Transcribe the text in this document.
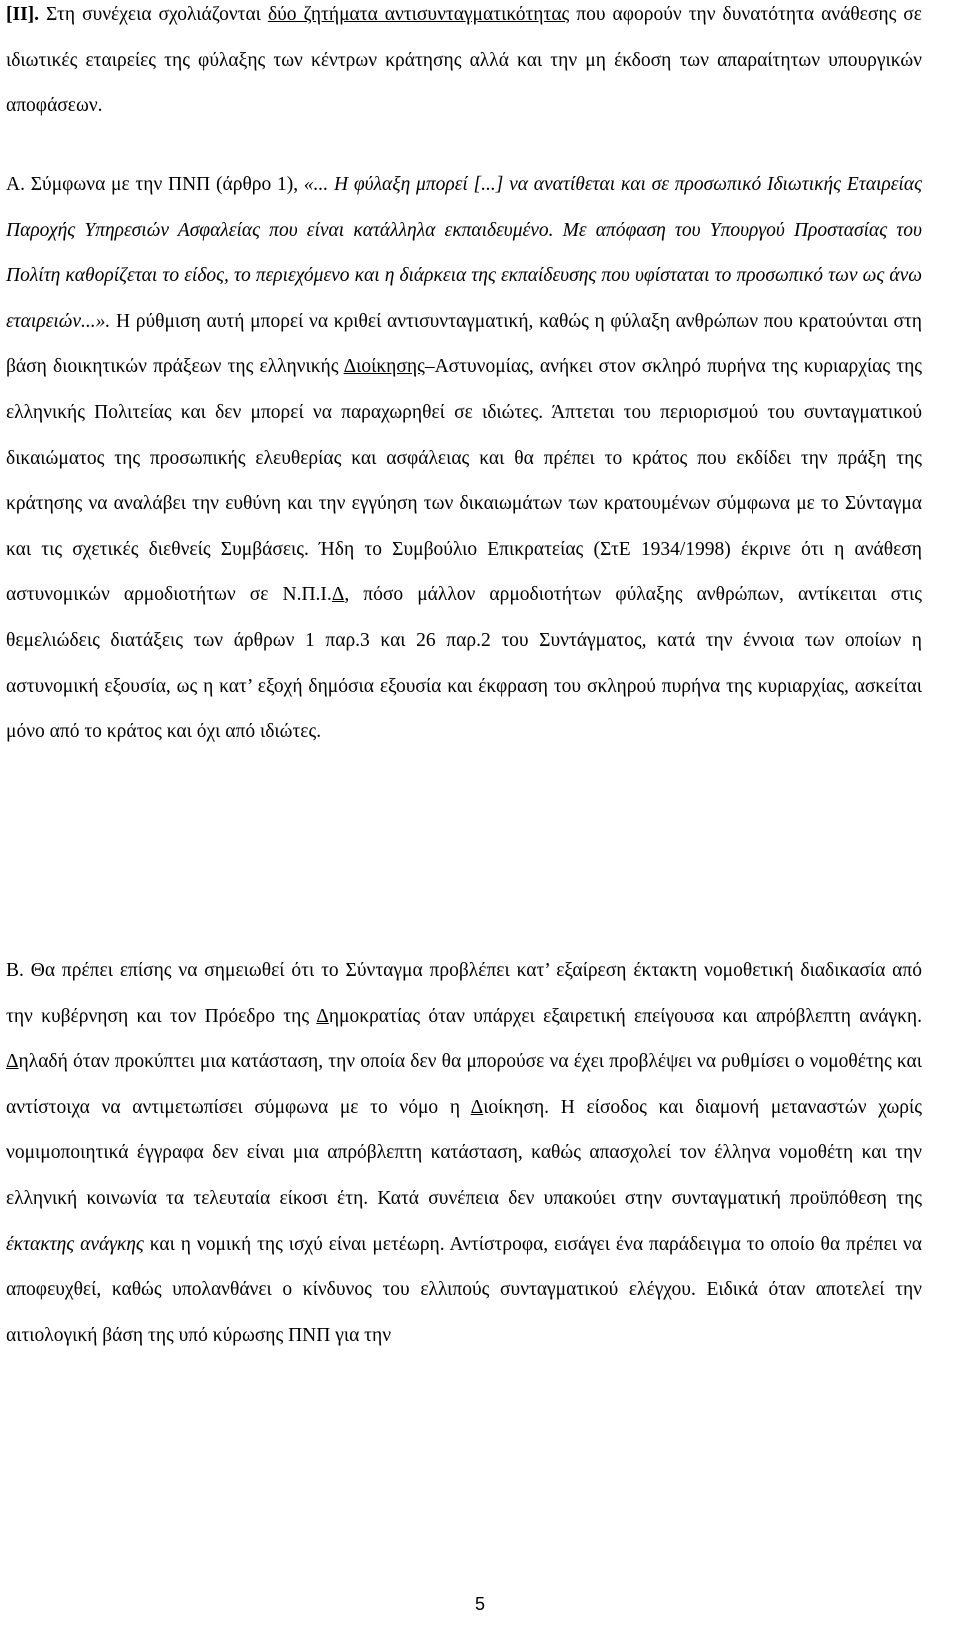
[ΙΙ]. Στη συνέχεια σχολιάζονται δύο ζητήματα αντισυνταγματικότητας που αφορούν την δυνατότητα ανάθεσης σε ιδιωτικές εταιρείες της φύλαξης των κέντρων κράτησης αλλά και την μη έκδοση των απαραίτητων υπουργικών αποφάσεων.

Α. Σύμφωνα με την ΠΝΠ (άρθρο 1), «... Η φύλαξη μπορεί [...] να ανατίθεται και σε προσωπικό Ιδιωτικής Εταιρείας Παροχής Υπηρεσιών Ασφαλείας που είναι κατάλληλα εκπαιδευμένο. Με απόφαση του Υπουργού Προστασίας του Πολίτη καθορίζεται το είδος, το περιεχόμενο και η διάρκεια της εκπαίδευσης που υφίσταται το προσωπικό των ως άνω εταιρειών...». Η ρύθμιση αυτή μπορεί να κριθεί αντισυνταγματική, καθώς η φύλαξη ανθρώπων που κρατούνται στη βάση διοικητικών πράξεων της ελληνικής Διοίκησης–Αστυνομίας, ανήκει στον σκληρό πυρήνα της κυριαρχίας της ελληνικής Πολιτείας και δεν μπορεί να παραχωρηθεί σε ιδιώτες. Άπτεται του περιορισμού του συνταγματικού δικαιώματος της προσωπικής ελευθερίας και ασφάλειας και θα πρέπει το κράτος που εκδίδει την πράξη της κράτησης να αναλάβει την ευθύνη και την εγγύηση των δικαιωμάτων των κρατουμένων σύμφωνα με το Σύνταγμα και τις σχετικές διεθνείς Συμβάσεις. Ήδη το Συμβούλιο Επικρατείας (ΣτΕ 1934/1998) έκρινε ότι η ανάθεση αστυνομικών αρμοδιοτήτων σε Ν.Π.Ι.Δ, πόσο μάλλον αρμοδιοτήτων φύλαξης ανθρώπων, αντίκειται στις θεμελιώδεις διατάξεις των άρθρων 1 παρ.3 και 26 παρ.2 του Συντάγματος, κατά την έννοια των οποίων η αστυνομική εξουσία, ως η κατ’ εξοχή δημόσια εξουσία και έκφραση του σκληρού πυρήνα της κυριαρχίας, ασκείται μόνο από το κράτος και όχι από ιδιώτες.

Β. Θα πρέπει επίσης να σημειωθεί ότι το Σύνταγμα προβλέπει κατ’ εξαίρεση έκτακτη νομοθετική διαδικασία από την κυβέρνηση και τον Πρόεδρο της Δημοκρατίας όταν υπάρχει εξαιρετική επείγουσα και απρόβλεπτη ανάγκη. Δηλαδή όταν προκύπτει μια κατάσταση, την οποία δεν θα μπορούσε να έχει προβλέψει να ρυθμίσει ο νομοθέτης και αντίστοιχα να αντιμετωπίσει σύμφωνα με το νόμο η Διοίκηση. Η είσοδος και διαμονή μεταναστών χωρίς νομιμοποιητικά έγγραφα δεν είναι μια απρόβλεπτη κατάσταση, καθώς απασχολεί τον έλληνα νομοθέτη και την ελληνική κοινωνία τα τελευταία είκοσι έτη. Κατά συνέπεια δεν υπακούει στην συνταγματική προϋπόθεση της έκτακτης ανάγκης και η νομική της ισχύ είναι μετέωρη. Αντίστροφα, εισάγει ένα παράδειγμα το οποίο θα πρέπει να αποφευχθεί, καθώς υπολανθάνει ο κίνδυνος του ελλιπούς συνταγματικού ελέγχου. Ειδικά όταν αποτελεί την αιτιολογική βάση της υπό κύρωσης ΠΝΠ για την

5
